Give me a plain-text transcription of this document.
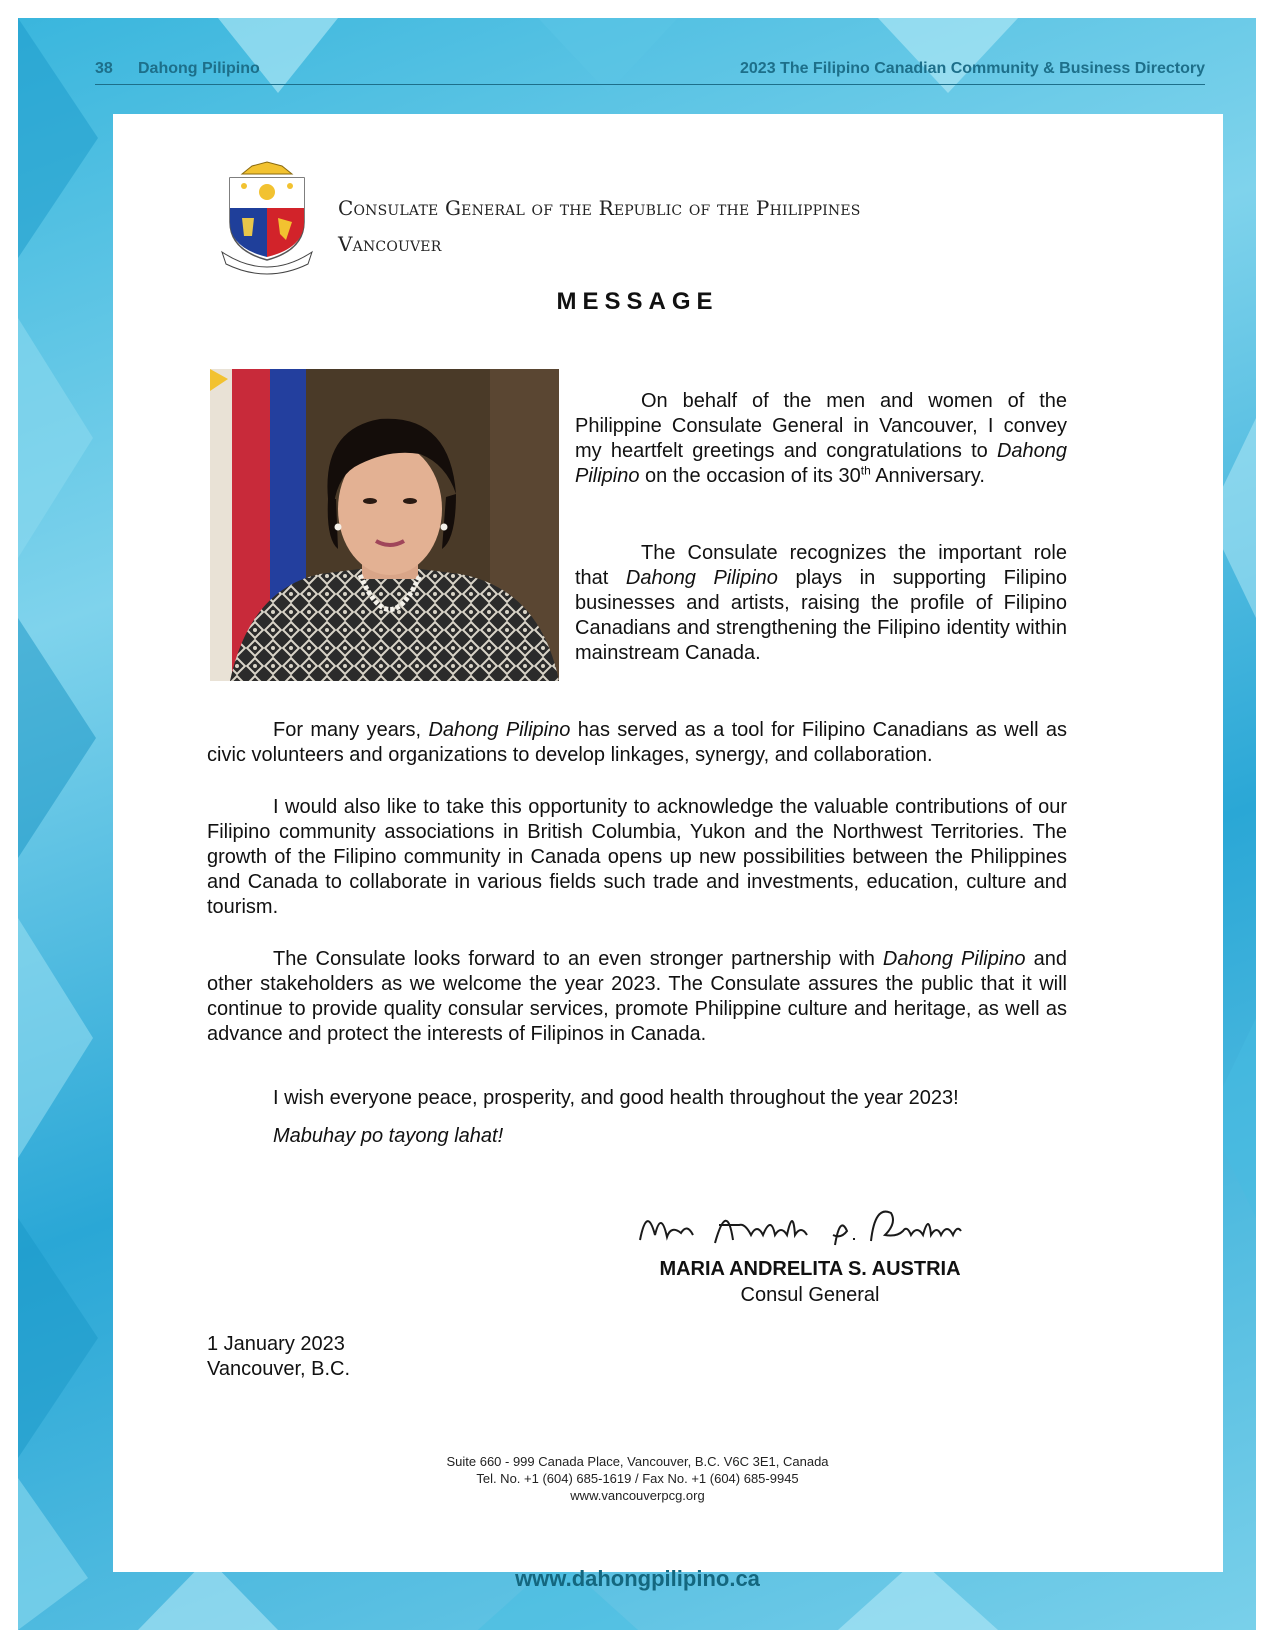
38 Dahong Pilipino	2023 The Filipino Canadian Community & Business Directory
Consulate General of the Republic of the Philippines
Vancouver
MESSAGE

On behalf of the men and women of the Philippine Consulate General in Vancouver, I convey my heartfelt greetings and congratulations to Dahong Pilipino on the occasion of its 30th Anniversary.

The Consulate recognizes the important role that Dahong Pilipino plays in supporting Filipino businesses and artists, raising the profile of Filipino Canadians and strengthening the Filipino identity within mainstream Canada.

For many years, Dahong Pilipino has served as a tool for Filipino Canadians as well as civic volunteers and organizations to develop linkages, synergy, and collaboration.

I would also like to take this opportunity to acknowledge the valuable contributions of our Filipino community associations in British Columbia, Yukon and the Northwest Territories. The growth of the Filipino community in Canada opens up new possibilities between the Philippines and Canada to collaborate in various fields such trade and investments, education, culture and tourism.

The Consulate looks forward to an even stronger partnership with Dahong Pilipino and other stakeholders as we welcome the year 2023. The Consulate assures the public that it will continue to provide quality consular services, promote Philippine culture and heritage, as well as advance and protect the interests of Filipinos in Canada.

I wish everyone peace, prosperity, and good health throughout the year 2023!

Mabuhay po tayong lahat!

MARIA ANDRELITA S. AUSTRIA
Consul General
1 January 2023
Vancouver, B.C.
Suite 660 - 999 Canada Place, Vancouver, B.C. V6C 3E1, Canada
Tel. No. +1 (604) 685-1619 / Fax No. +1 (604) 685-9945
www.vancouverpcg.org
www.dahongpilipino.ca
